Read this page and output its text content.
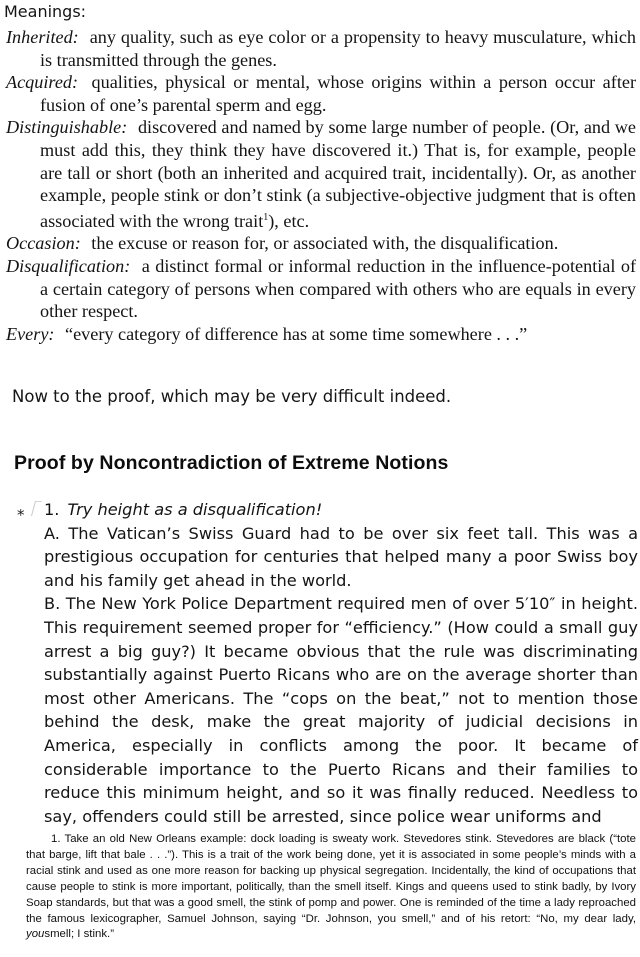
Meanings:

Inherited: any quality, such as eye color or a propensity to heavy musculature, which is transmitted through the genes.

Acquired: qualities, physical or mental, whose origins within a person occur after fusion of one’s parental sperm and egg.

Distinguishable: discovered and named by some large number of people. (Or, and we must add this, they think they have discovered it.) That is, for example, people are tall or short (both an inherited and acquired trait, incidentally). Or, as another example, people stink or don’t stink (a subjective-objective judgment that is often associated with the wrong trait$^1$), etc.

Occasion: the excuse or reason for, or associated with, the disqualification.

Disqualification: a distinct formal or informal reduction in the influence-potential of a certain category of persons when compared with others who are equals in every other respect.

Every: “every category of difference has at some time somewhere . . .”

Now to the proof, which may be very difficult indeed.
Proof by Noncontradiction of Extreme Notions
* 1. Try height as a disqualification!

A. The Vatican’s Swiss Guard had to be over six feet tall. This was a prestigious occupation for centuries that helped many a poor Swiss boy and his family get ahead in the world.

B. The New York Police Department required men of over 5′10″ in height. This requirement seemed proper for “efficiency.” (How could a small guy arrest a big guy?) It became obvious that the rule was discriminating substantially against Puerto Ricans who are on the average shorter than most other Americans. The “cops on the beat,” not to mention those behind the desk, make the great majority of judicial decisions in America, especially in conflicts among the poor. It became of considerable importance to the Puerto Ricans and their families to reduce this minimum height, and so it was finally reduced. Needless to say, offenders could still be arrested, since police wear uniforms and

1. Take an old New Orleans example: dock loading is sweaty work. Stevedores stink. Stevedores are black (“tote that barge, lift that bale . . .”). This is a trait of the work being done, yet it is associated in some people’s minds with a racial stink and used as one more reason for backing up physical segregation. Incidentally, the kind of occupations that cause people to stink is more important, politically, than the smell itself. Kings and queens used to stink badly, by Ivory Soap standards, but that was a good smell, the stink of pomp and power. One is reminded of the time a lady reproached the famous lexicographer, Samuel Johnson, saying “Dr. Johnson, you smell,” and of his retort: “No, my dear lady, yousmell; I stink.”
